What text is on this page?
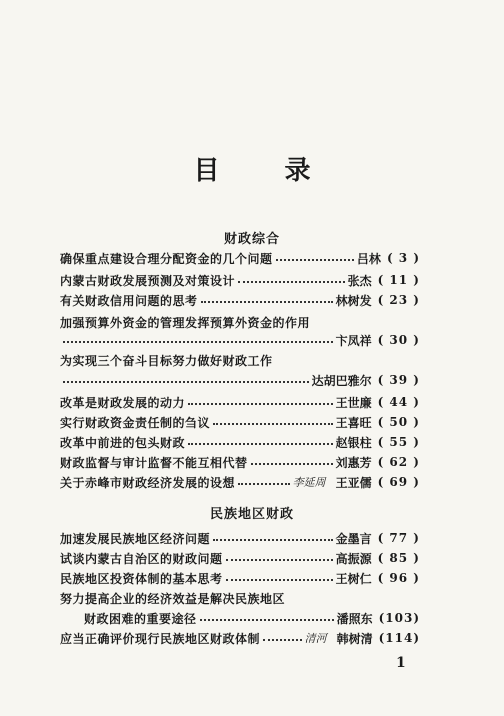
目 录
财政综合
确保重点建设合理分配资金的几个问题	吕林 ( 3 )
内蒙古财政发展预测及对策设计	张杰 ( 11 )
有关财政信用问题的思考	林树发 ( 23 )
加强预算外资金的管理发挥预算外资金的作用
卞凤祥 ( 30 )
为实现三个奋斗目标努力做好财政工作
达胡巴雅尔 ( 39 )
改革是财政发展的动力	王世廉 ( 44 )
实行财政资金责任制的刍议	王喜旺 ( 50 )
改革中前进的包头财政	赵银柱 ( 55 )
财政监督与审计监督不能互相代替	刘惠芳 ( 62 )
关于赤峰市财政经济发展的设想	李延周 王亚儒 ( 69 )
民族地区财政
加速发展民族地区经济问题	金墨言 ( 77 )
试谈内蒙古自治区的财政问题	高振源 ( 85 )
民族地区投资体制的基本思考	王树仁 ( 96 )
努力提高企业的经济效益是解决民族地区
财政困难的重要途径	潘照东 (103)
应当正确评价现行民族地区财政体制	清河 韩树清 (114)
1
